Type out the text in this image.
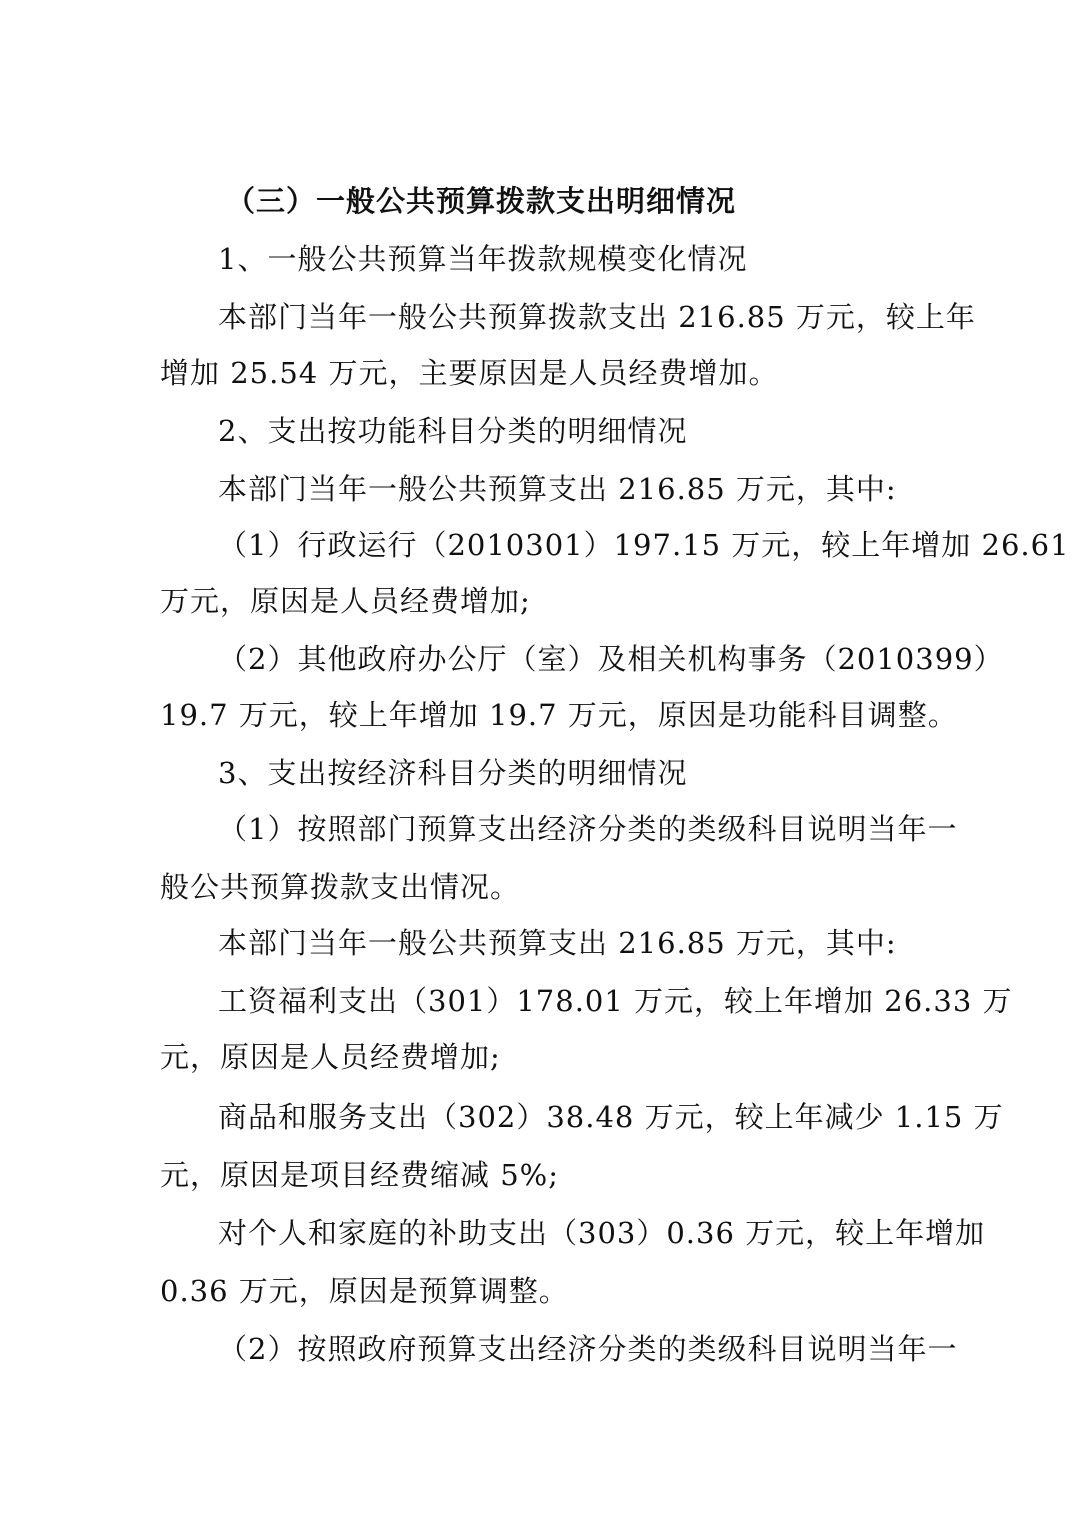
（三）一般公共预算拨款支出明细情况
1、一般公共预算当年拨款规模变化情况
本部门当年一般公共预算拨款支出 216.85 万元，较上年
增加 25.54 万元，主要原因是人员经费增加。
2、支出按功能科目分类的明细情况
本部门当年一般公共预算支出 216.85 万元，其中:
（1）行政运行（2010301）197.15 万元，较上年增加 26.61
万元，原因是人员经费增加;
（2）其他政府办公厅（室）及相关机构事务（2010399）
19.7 万元，较上年增加 19.7 万元，原因是功能科目调整。
3、支出按经济科目分类的明细情况
（1）按照部门预算支出经济分类的类级科目说明当年一
般公共预算拨款支出情况。
本部门当年一般公共预算支出 216.85 万元，其中:
工资福利支出（301）178.01 万元，较上年增加 26.33 万
元，原因是人员经费增加;
商品和服务支出（302）38.48 万元，较上年减少 1.15 万
元，原因是项目经费缩减 5%;
对个人和家庭的补助支出（303）0.36 万元，较上年增加
0.36 万元，原因是预算调整。
（2）按照政府预算支出经济分类的类级科目说明当年一
